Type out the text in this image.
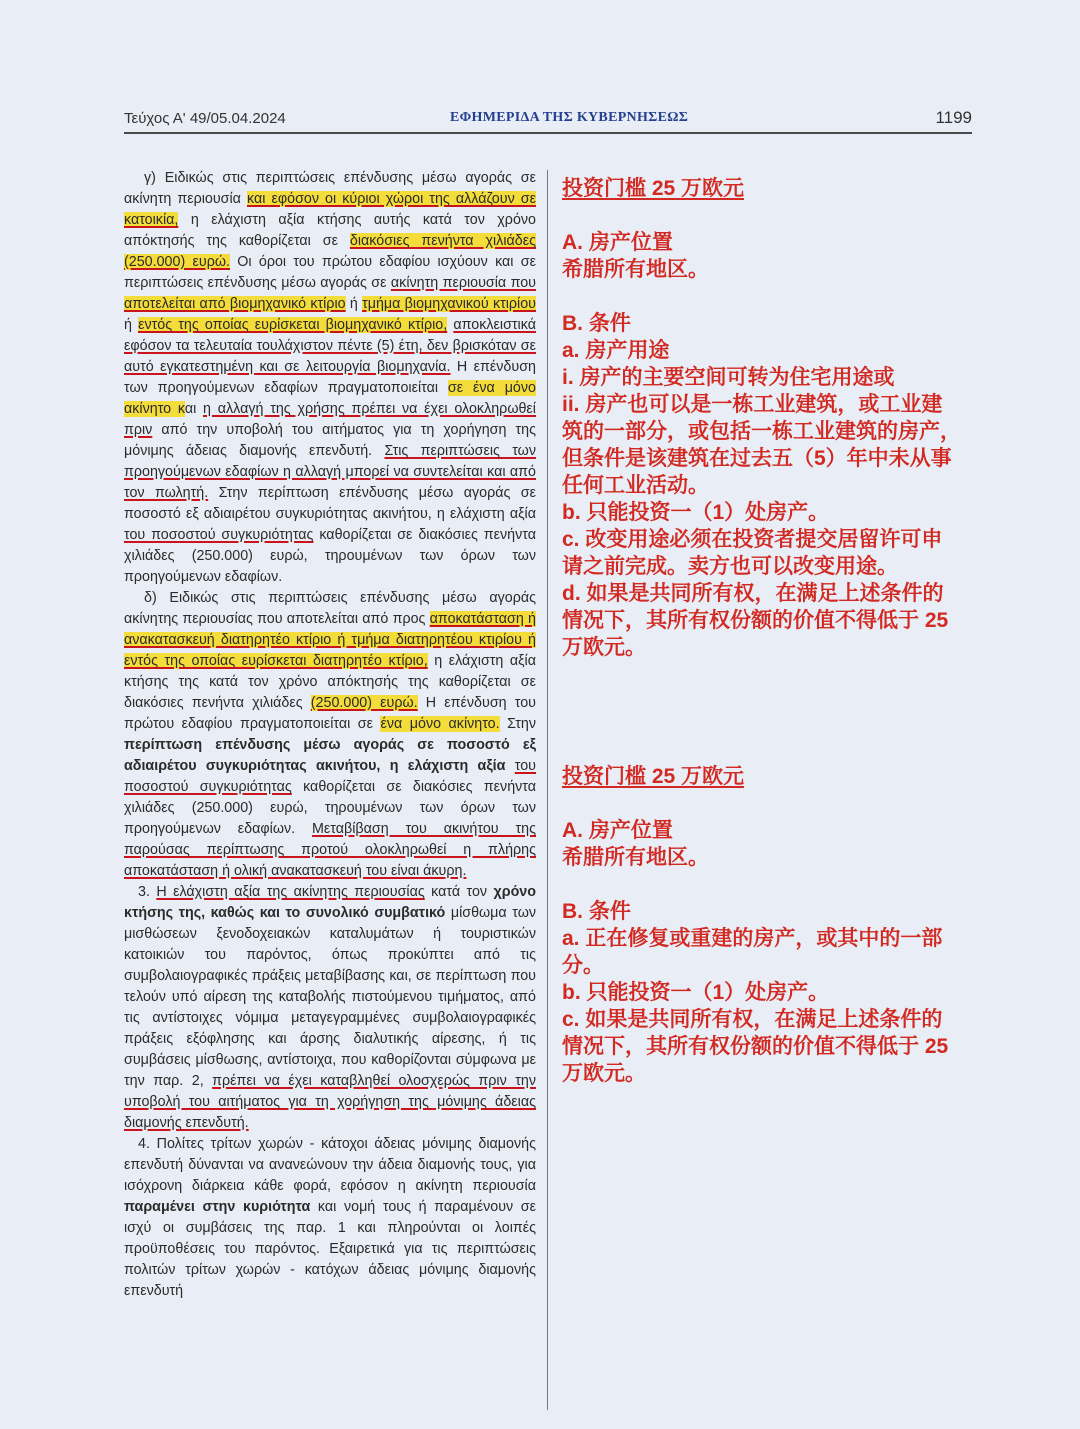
Τεύχος Α' 49/05.04.2024	ΕΦΗΜΕΡΙΔΑ ΤΗΣ ΚΥΒΕΡΝΗΣΕΩΣ	1199

γ) Ειδικώς στις περιπτώσεις επένδυσης μέσω αγοράς σε ακίνητη περιουσία και εφόσον οι κύριοι χώροι της αλλάζουν σε κατοικία, η ελάχιστη αξία κτήσης αυτής κατά τον χρόνο απόκτησής της καθορίζεται σε διακόσιες πενήντα χιλιάδες (250.000) ευρώ. Οι όροι του πρώτου εδαφίου ισχύουν και σε περιπτώσεις επένδυσης μέσω αγοράς σε ακίνητη περιουσία που αποτελείται από βιομηχανικό κτίριο ή τμήμα βιομηχανικού κτιρίου ή εντός της οποίας ευρίσκεται βιομηχανικό κτίριο, αποκλειστικά εφόσον τα τελευταία τουλάχιστον πέντε (5) έτη, δεν βρισκόταν σε αυτό εγκατεστημένη και σε λειτουργία βιομηχανία. Η επένδυση των προηγούμενων εδαφίων πραγματοποιείται σε ένα μόνο ακίνητο και η αλλαγή της χρήσης πρέπει να έχει ολοκληρωθεί πριν από την υποβολή του αιτήματος για τη χορήγηση της μόνιμης άδειας διαμονής επενδυτή. Στις περιπτώσεις των προηγούμενων εδαφίων η αλλαγή μπορεί να συντελείται και από τον πωλητή. Στην περίπτωση επένδυσης μέσω αγοράς σε ποσοστό εξ αδιαιρέτου συγκυριότητας ακινήτου, η ελάχιστη αξία του ποσοστού συγκυριότητας καθορίζεται σε διακόσιες πενήντα χιλιάδες (250.000) ευρώ, τηρουμένων των όρων των προηγούμενων εδαφίων.

δ) Ειδικώς στις περιπτώσεις επένδυσης μέσω αγοράς ακίνητης περιουσίας που αποτελείται από προς αποκατάσταση ή ανακατασκευή διατηρητέο κτίριο ή τμήμα διατηρητέου κτιρίου ή εντός της οποίας ευρίσκεται διατηρητέο κτίριο, η ελάχιστη αξία κτήσης της κατά τον χρόνο απόκτησής της καθορίζεται σε διακόσιες πενήντα χιλιάδες (250.000) ευρώ. Η επένδυση του πρώτου εδαφίου πραγματοποιείται σε ένα μόνο ακίνητο. Στην περίπτωση επένδυσης μέσω αγοράς σε ποσοστό εξ αδιαιρέτου συγκυριότητας ακινήτου, η ελάχιστη αξία του ποσοστού συγκυριότητας καθορίζεται σε διακόσιες πενήντα χιλιάδες (250.000) ευρώ, τηρουμένων των όρων των προηγούμενων εδαφίων. Μεταβίβαση του ακινήτου της παρούσας περίπτωσης προτού ολοκληρωθεί η πλήρης αποκατάσταση ή ολική ανακατασκευή του είναι άκυρη.

3. Η ελάχιστη αξία της ακίνητης περιουσίας κατά τον χρόνο κτήσης της, καθώς και το συνολικό συμβατικό μίσθωμα των μισθώσεων ξενοδοχειακών καταλυμάτων ή τουριστικών κατοικιών του παρόντος, όπως προκύπτει από τις συμβολαιογραφικές πράξεις μεταβίβασης και, σε περίπτωση που τελούν υπό αίρεση της καταβολής πιστούμενου τιμήματος, από τις αντίστοιχες νόμιμα μεταγεγραμμένες συμβολαιογραφικές πράξεις εξόφλησης και άρσης διαλυτικής αίρεσης, ή τις συμβάσεις μίσθωσης, αντίστοιχα, που καθορίζονται σύμφωνα με την παρ. 2, πρέπει να έχει καταβληθεί ολοσχερώς πριν την υποβολή του αιτήματος για τη χορήγηση της μόνιμης άδειας διαμονής επενδυτή.

4. Πολίτες τρίτων χωρών - κάτοχοι άδειας μόνιμης διαμονής επενδυτή δύνανται να ανανεώνουν την άδεια διαμονής τους, για ισόχρονη διάρκεια κάθε φορά, εφόσον η ακίνητη περιουσία παραμένει στην κυριότητα και νομή τους ή παραμένουν σε ισχύ οι συμβάσεις της παρ. 1 και πληρούνται οι λοιπές προϋποθέσεις του παρόντος. Εξαιρετικά για τις περιπτώσεις πολιτών τρίτων χωρών - κατόχων άδειας μόνιμης διαμονής επενδυτή

投资门槛 25 万欧元
A. 房产位置
希腊所有地区。
B. 条件
a. 房产用途
i. 房产的主要空间可转为住宅用途或
ii. 房产也可以是一栋工业建筑，或工业建筑的一部分，或包括一栋工业建筑的房产，但条件是该建筑在过去五（5）年中未从事任何工业活动。
b. 只能投资一（1）处房产。
c. 改变用途必须在投资者提交居留许可申请之前完成。卖方也可以改变用途。
d. 如果是共同所有权，在满足上述条件的情况下，其所有权份额的价值不得低于 25 万欧元。
投资门槛 25 万欧元
A. 房产位置
希腊所有地区。
B. 条件
a. 正在修复或重建的房产，或其中的一部分。
b. 只能投资一（1）处房产。
c. 如果是共同所有权，在满足上述条件的情况下，其所有权份额的价值不得低于 25 万欧元。
